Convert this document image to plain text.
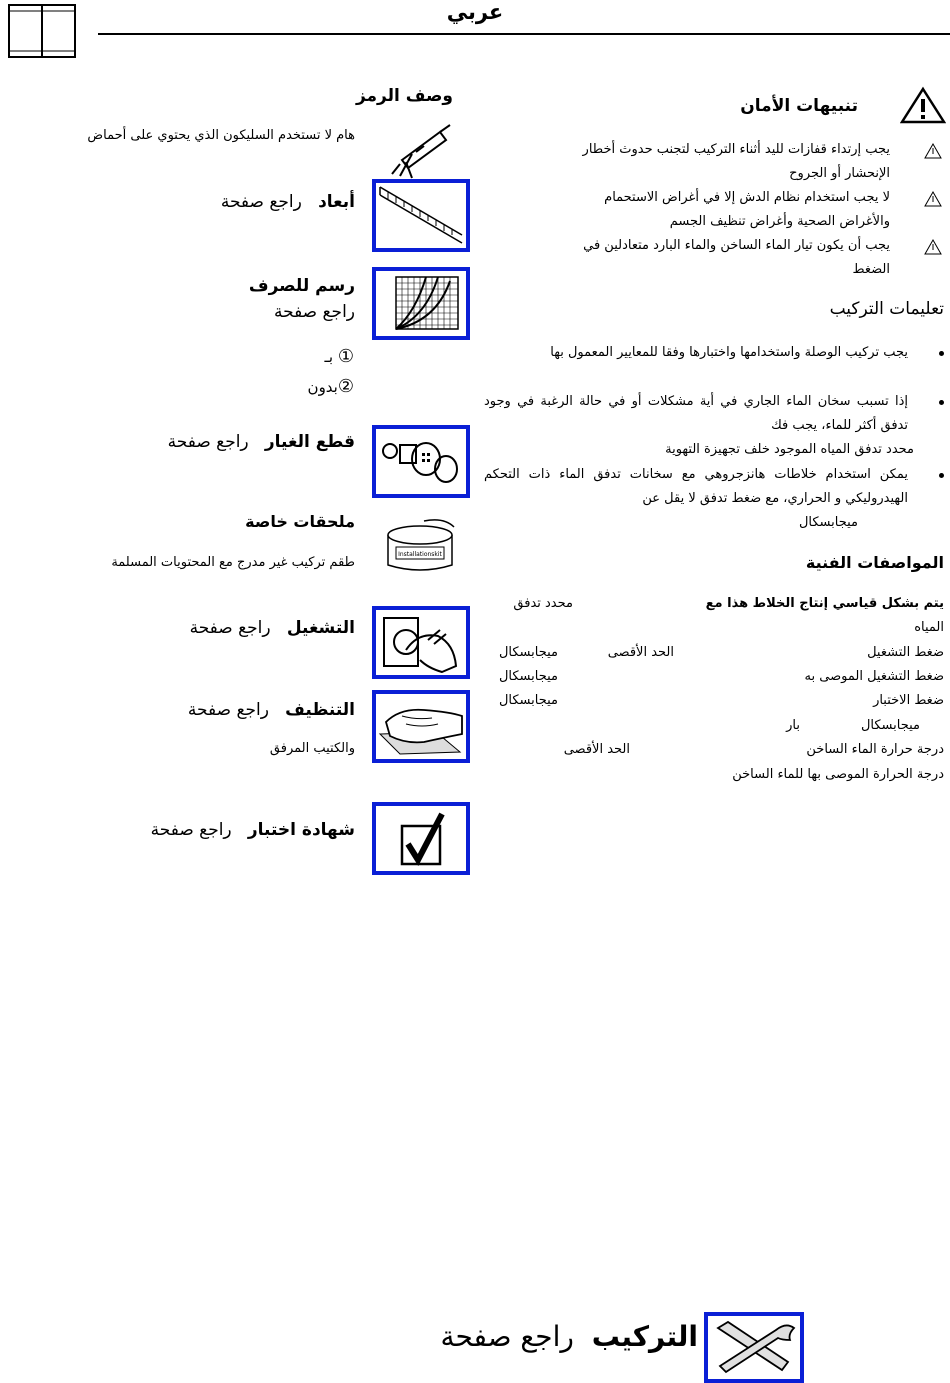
عربي
تنبيهات الأمان
يجب إرتداء قفازات لليد أثناء التركيب لتجنب حدوث أخطار
الإنحشار أو الجروح
لا يجب استخدام نظام الدش إلا في أغراض الاستحمام
والأغراض الصحية وأغراض تنظيف الجسم
يجب أن يكون تيار الماء الساخن والماء البارد متعادلين في
الضغط
تعليمات التركيب
يجب تركيب الوصلة واستخدامها واختبارها وفقا للمعايير المعمول بها
إذا تسبب سخان الماء الجاري في أية مشكلات أو في حالة الرغبة في وجود تدفق أكثر للماء، يجب فك
محدد تدفق المياه الموجود خلف تجهيزة التهوية
يمكن استخدام خلاطات هانزجروهي مع سخانات تدفق الماء ذات التحكم الهيدروليكي و الحراري، مع ضغط تدفق لا يقل عن
ميجابسكال
المواصفات الفنية
يتم بشكل قياسي إنتاج الخلاط هذا مع
محدد تدفق
المياه
ضغط التشغيل
الحد الأقصى
ميجابسكال
ضغط التشغيل الموصى به
ميجابسكال
ضغط الاختبار
ميجابسكال
ميجابسكال
بار
درجة حرارة الماء الساخن
الحد الأقصى
درجة الحرارة الموصى بها للماء الساخن
وصف الرمز
هام لا تستخدم السليكون الذي يحتوي على أحماض
أبعاد   راجع صفحة
رسم للصرف
راجع صفحة
① بـ
②بدون
قطع الغيار   راجع صفحة
ملحقات خاصة
طقم تركيب غير مدرج مع المحتويات المسلمة
Installationskit
التشغيل   راجع صفحة
التنظيف   راجع صفحة
والكتيب المرفق
شهادة اختبار   راجع صفحة
التركيب  راجع صفحة
